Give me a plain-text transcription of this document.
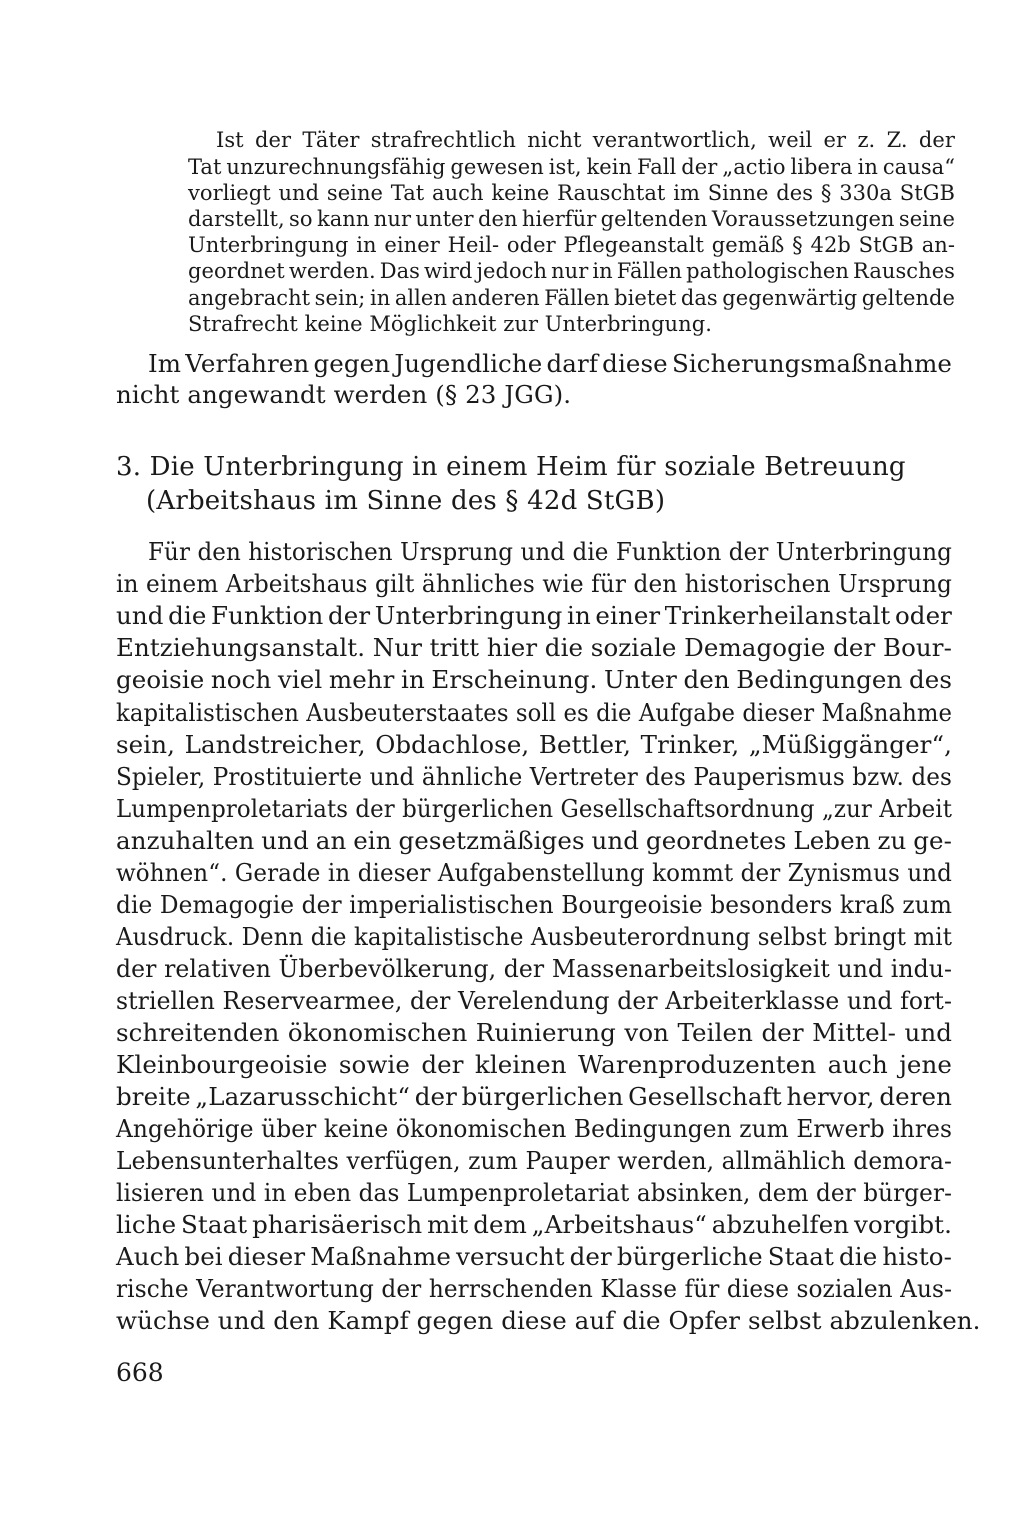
Ist der Täter strafrechtlich nicht verantwortlich, weil er z. Z. der

Tat unzurechnungsfähig gewesen ist, kein Fall der „actio libera in causa“

vorliegt und seine Tat auch keine Rauschtat im Sinne des § 330a StGB

darstellt, so kann nur unter den hierfür geltenden Voraussetzungen seine

Unterbringung in einer Heil- oder Pflegeanstalt gemäß § 42b StGB an-

geordnet werden. Das wird jedoch nur in Fällen pathologischen Rausches

angebracht sein; in allen anderen Fällen bietet das gegenwärtig geltende

Strafrecht keine Möglichkeit zur Unterbringung.

Im Verfahren gegen Jugendliche darf diese Sicherungsmaßnahme

nicht angewandt werden (§ 23 JGG).

3. Die Unterbringung in einem Heim für soziale Betreuung

(Arbeitshaus im Sinne des § 42d StGB)

Für den historischen Ursprung und die Funktion der Unterbringung

in einem Arbeitshaus gilt ähnliches wie für den historischen Ursprung

und die Funktion der Unterbringung in einer Trinkerheilanstalt oder

Entziehungsanstalt. Nur tritt hier die soziale Demagogie der Bour-

geoisie noch viel mehr in Erscheinung. Unter den Bedingungen des

kapitalistischen Ausbeuterstaates soll es die Aufgabe dieser Maßnahme

sein, Landstreicher, Obdachlose, Bettler, Trinker, „Müßiggänger“,

Spieler, Prostituierte und ähnliche Vertreter des Pauperismus bzw. des

Lumpenproletariats der bürgerlichen Gesellschaftsordnung „zur Arbeit

anzuhalten und an ein gesetzmäßiges und geordnetes Leben zu ge-

wöhnen“. Gerade in dieser Aufgabenstellung kommt der Zynismus und

die Demagogie der imperialistischen Bourgeoisie besonders kraß zum

Ausdruck. Denn die kapitalistische Ausbeuterordnung selbst bringt mit

der relativen Überbevölkerung, der Massenarbeitslosigkeit und indu-

striellen Reservearmee, der Verelendung der Arbeiterklasse und fort-

schreitenden ökonomischen Ruinierung von Teilen der Mittel- und

Kleinbourgeoisie sowie der kleinen Warenproduzenten auch jene

breite „Lazarusschicht“ der bürgerlichen Gesellschaft hervor, deren

Angehörige über keine ökonomischen Bedingungen zum Erwerb ihres

Lebensunterhaltes verfügen, zum Pauper werden, allmählich demora-

lisieren und in eben das Lumpenproletariat absinken, dem der bürger-

liche Staat pharisäerisch mit dem „Arbeitshaus“ abzuhelfen vorgibt.

Auch bei dieser Maßnahme versucht der bürgerliche Staat die histo-

rische Verantwortung der herrschenden Klasse für diese sozialen Aus-

wüchse und den Kampf gegen diese auf die Opfer selbst abzulenken.

668
